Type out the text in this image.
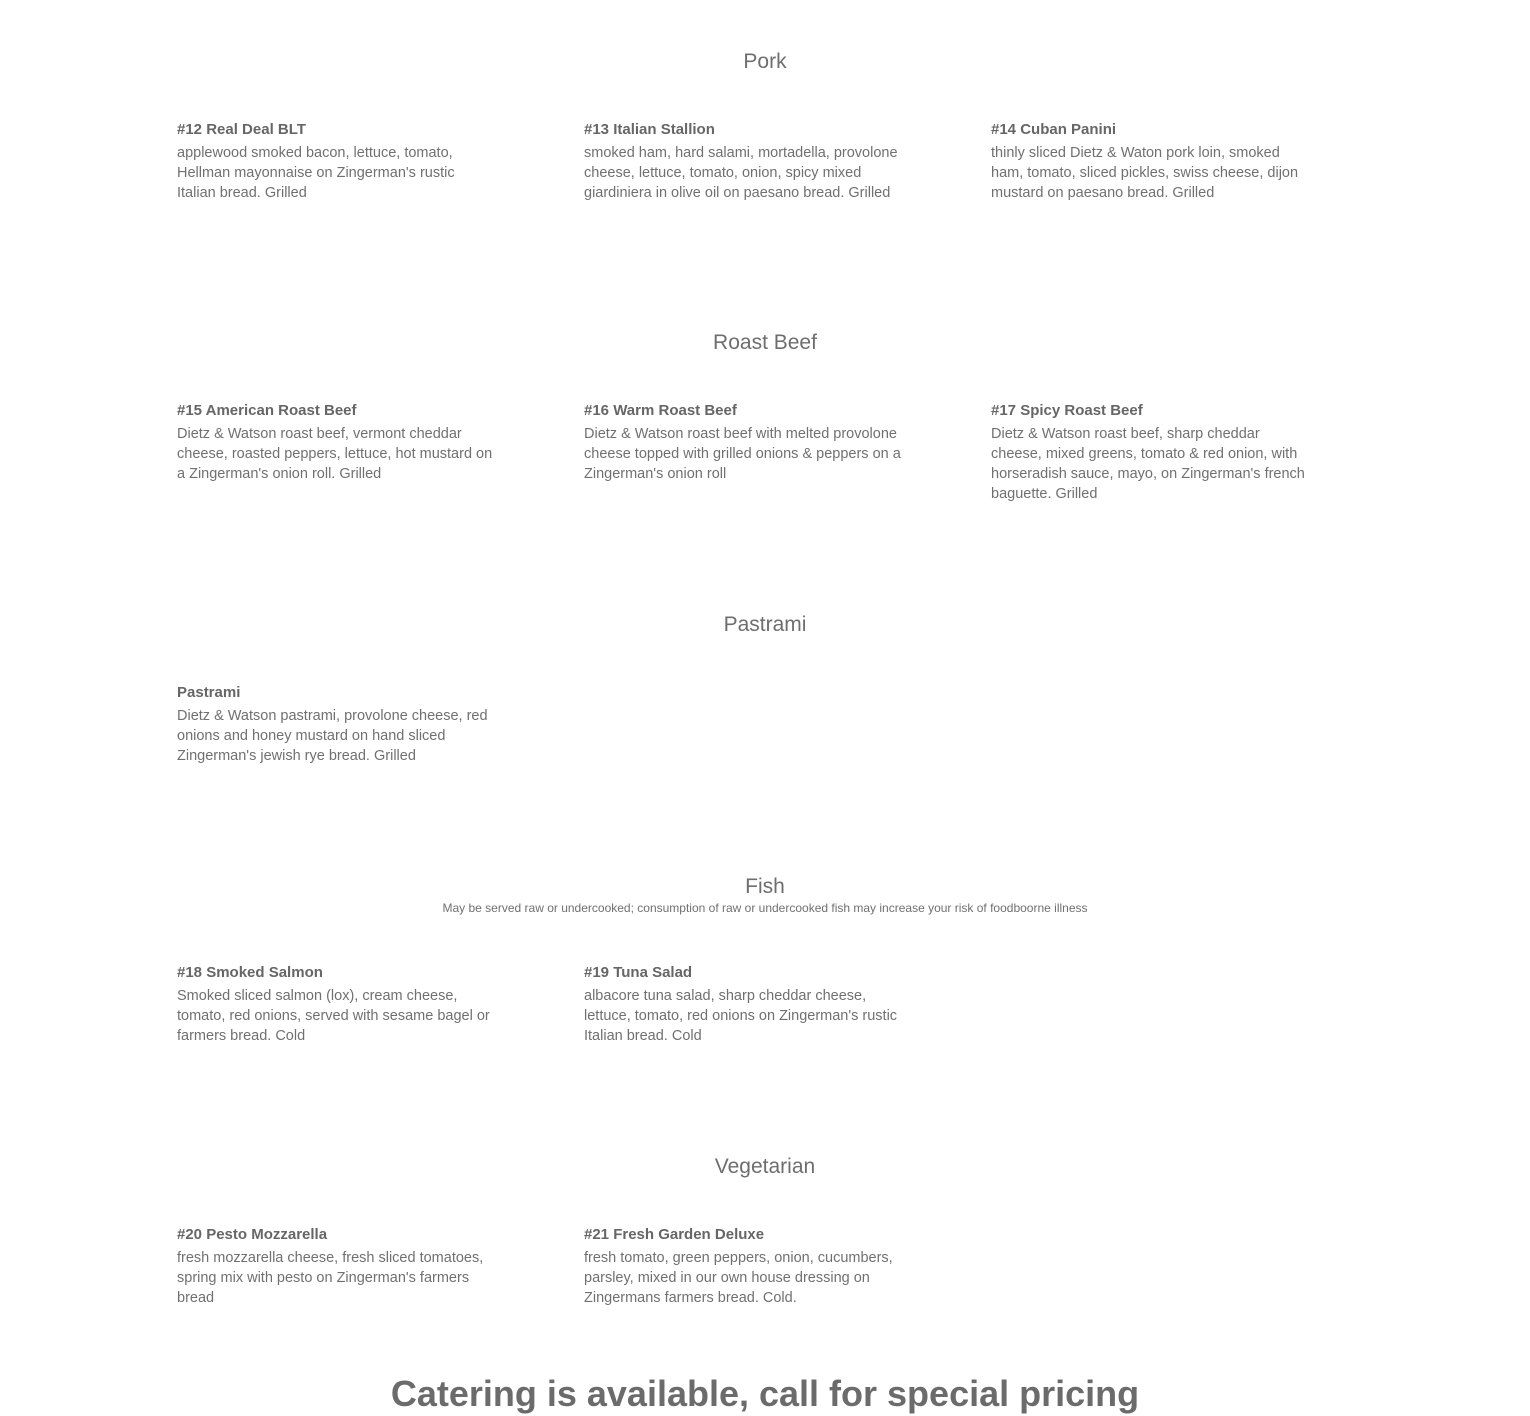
Pork
#12 Real Deal BLT
applewood smoked bacon, lettuce, tomato, Hellman mayonnaise on Zingerman's rustic Italian bread. Grilled
#13 Italian Stallion
smoked ham, hard salami, mortadella, provolone cheese, lettuce, tomato, onion, spicy mixed giardiniera in olive oil on paesano bread. Grilled
#14 Cuban Panini
thinly sliced Dietz & Waton pork loin, smoked ham, tomato, sliced pickles, swiss cheese, dijon mustard on paesano bread. Grilled
Roast Beef
#15 American Roast Beef
Dietz & Watson roast beef, vermont cheddar cheese, roasted peppers, lettuce, hot mustard on a Zingerman's onion roll. Grilled
#16 Warm Roast Beef
Dietz & Watson roast beef with melted provolone cheese topped with grilled onions & peppers on a Zingerman's onion roll
#17 Spicy Roast Beef
Dietz & Watson roast beef, sharp cheddar cheese, mixed greens, tomato & red onion, with horseradish sauce, mayo, on Zingerman's french baguette. Grilled
Pastrami
Pastrami
Dietz & Watson pastrami, provolone cheese, red onions and honey mustard on hand sliced Zingerman's jewish rye bread. Grilled
Fish
May be served raw or undercooked; consumption of raw or undercooked fish may increase your risk of foodboorne illness
#18 Smoked Salmon
Smoked sliced salmon (lox), cream cheese, tomato, red onions, served with sesame bagel or farmers bread. Cold
#19 Tuna Salad
albacore tuna salad, sharp cheddar cheese, lettuce, tomato, red onions on Zingerman's rustic Italian bread. Cold
Vegetarian
#20 Pesto Mozzarella
fresh mozzarella cheese, fresh sliced tomatoes, spring mix with pesto on Zingerman's farmers bread
#21 Fresh Garden Deluxe
fresh tomato, green peppers, onion, cucumbers, parsley, mixed in our own house dressing on Zingermans farmers bread. Cold.
Catering is available, call for special pricing
